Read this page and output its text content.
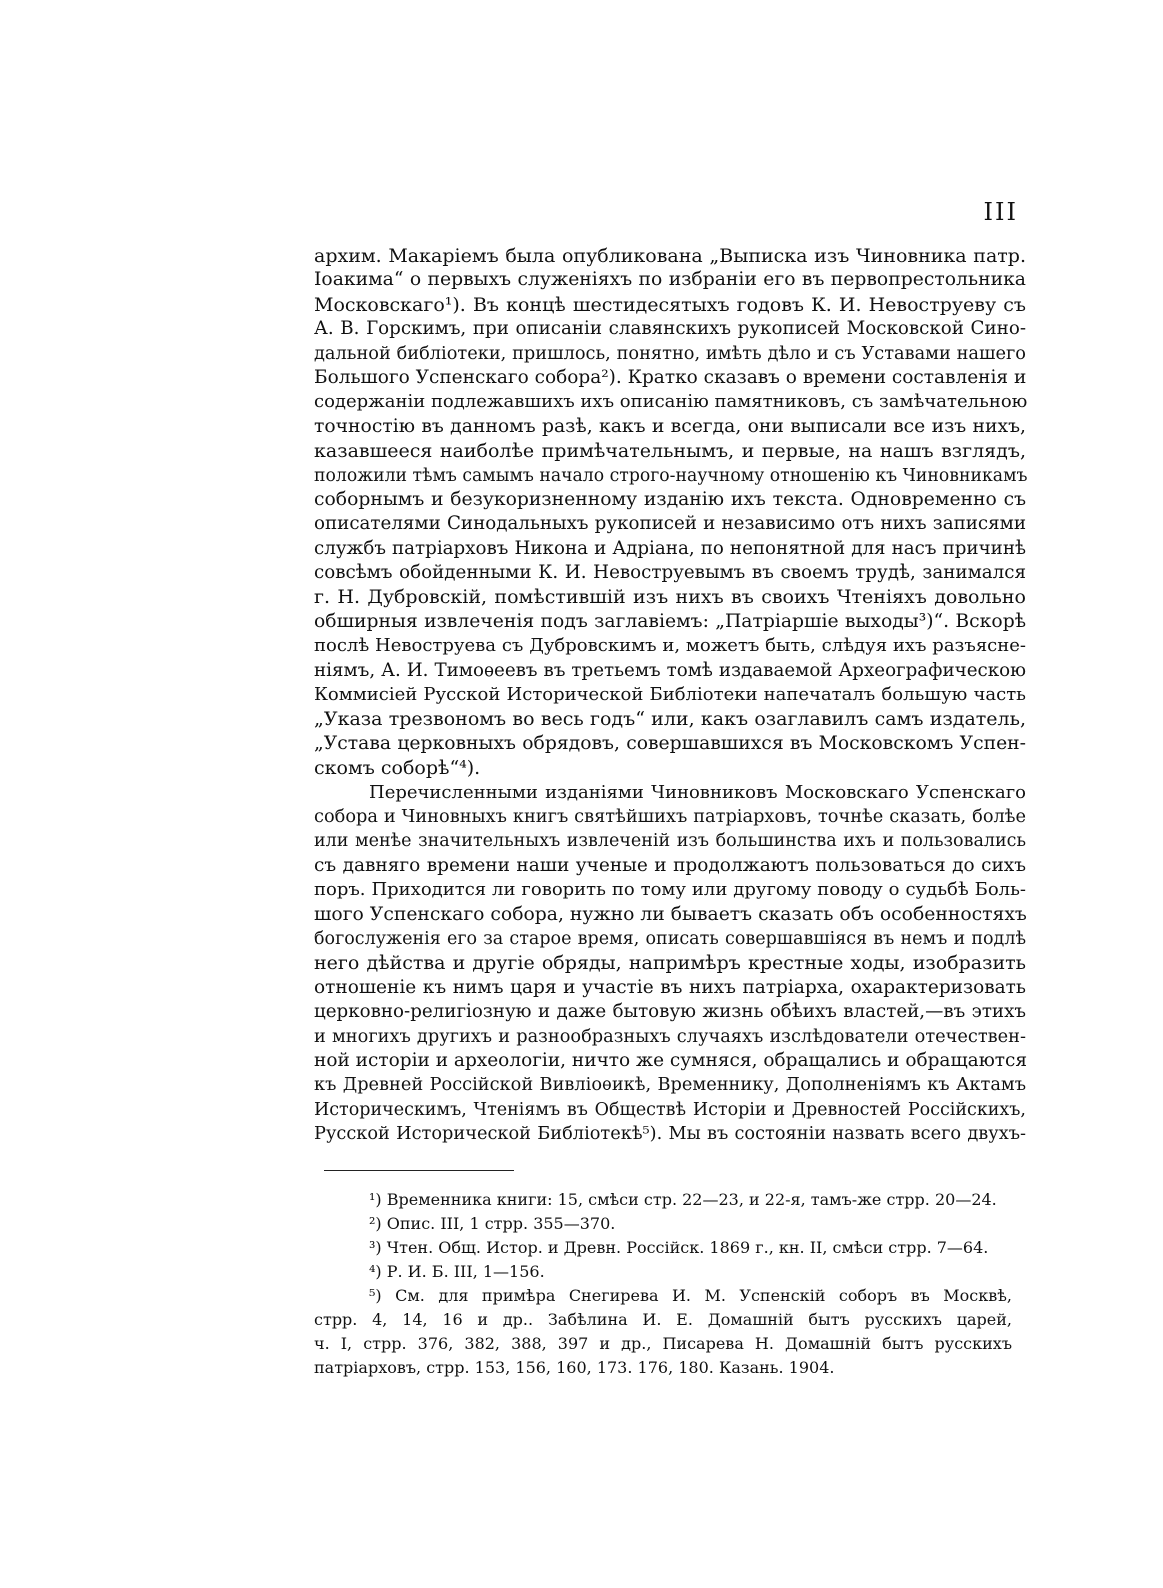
III
архим. Макаріемъ была опубликована „Выписка изъ Чиновника патр.
Іоакима“ о первыхъ служеніяхъ по избраніи его въ первопрестольника
Московскаго¹). Въ концѣ шестидесятыхъ годовъ К. И. Невоструеву съ
А. В. Горскимъ, при описаніи славянскихъ рукописей Московской Сино-
дальной библіотеки, пришлось, понятно, имѣть дѣло и съ Уставами нашего
Большого Успенскаго собора²). Кратко сказавъ о времени составленія и
содержаніи подлежавшихъ ихъ описанію памятниковъ, съ замѣчательною
точностію въ данномъ разѣ, какъ и всегда, они выписали все изъ нихъ,
казавшееся наиболѣе примѣчательнымъ, и первые, на нашъ взглядъ,
положили тѣмъ самымъ начало строго-научному отношенію къ Чиновникамъ
соборнымъ и безукоризненному изданію ихъ текста. Одновременно съ
описателями Синодальныхъ рукописей и независимо отъ нихъ записями
службъ патріарховъ Никона и Адріана, по непонятной для насъ причинѣ
совсѣмъ обойденными К. И. Невоструевымъ въ своемъ трудѣ, занимался
г. Н. Дубровскій, помѣстившій изъ нихъ въ своихъ Чтеніяхъ довольно
обширныя извлеченія подъ заглавіемъ: „Патріаршіе выходы³)“. Вскорѣ
послѣ Невоструева съ Дубровскимъ и, можетъ быть, слѣдуя ихъ разъясне-
ніямъ, А. И. Тимоѳеевъ въ третьемъ томѣ издаваемой Археографическою
Коммисіей Русской Исторической Библіотеки напечаталъ большую часть
„Указа трезвономъ во весь годъ“ или, какъ озаглавилъ самъ издатель,
„Устава церковныхъ обрядовъ, совершавшихся въ Московскомъ Успен-
скомъ соборѣ“⁴).
Перечисленными изданіями Чиновниковъ Московскаго Успенскаго
собора и Чиновныхъ книгъ святѣйшихъ патріарховъ, точнѣе сказать, болѣе
или менѣе значительныхъ извлеченій изъ большинства ихъ и пользовались
съ давняго времени наши ученые и продолжаютъ пользоваться до сихъ
поръ. Приходится ли говорить по тому или другому поводу о судьбѣ Боль-
шого Успенскаго собора, нужно ли бываетъ сказать объ особенностяхъ
богослуженія его за старое время, описать совершавшіяся въ немъ и подлѣ
него дѣйства и другіе обряды, напримѣръ крестные ходы, изобразить
отношеніе къ нимъ царя и участіе въ нихъ патріарха, охарактеризовать
церковно-религіозную и даже бытовую жизнь обѣихъ властей,—въ этихъ
и многихъ другихъ и разнообразныхъ случаяхъ изслѣдователи отечествен-
ной исторіи и археологіи, ничто же сумняся, обращались и обращаются
къ Древней Россійской Вивліоѳикѣ, Временнику, Дополненіямъ къ Актамъ
Историческимъ, Чтеніямъ въ Обществѣ Исторіи и Древностей Россійскихъ,
Русской Исторической Библіотекѣ⁵). Мы въ состояніи назвать всего двухъ-
¹) Временника книги: 15, смѣси стр. 22—23, и 22-я, тамъ-же стрр. 20—24.
²) Опис. III, 1 стрр. 355—370.
³) Чтен. Общ. Истор. и Древн. Россійск. 1869 г., кн. II, смѣси стрр. 7—64.
⁴) Р. И. Б. III, 1—156.
⁵) См. для примѣра Снегирева И. М. Успенскій соборъ въ Москвѣ,
стрр. 4, 14, 16 и др.. Забѣлина И. Е. Домашній бытъ русскихъ царей,
ч. I, стрр. 376, 382, 388, 397 и др., Писарева Н. Домашній бытъ русскихъ
патріарховъ, стрр. 153, 156, 160, 173. 176, 180. Казань. 1904.
